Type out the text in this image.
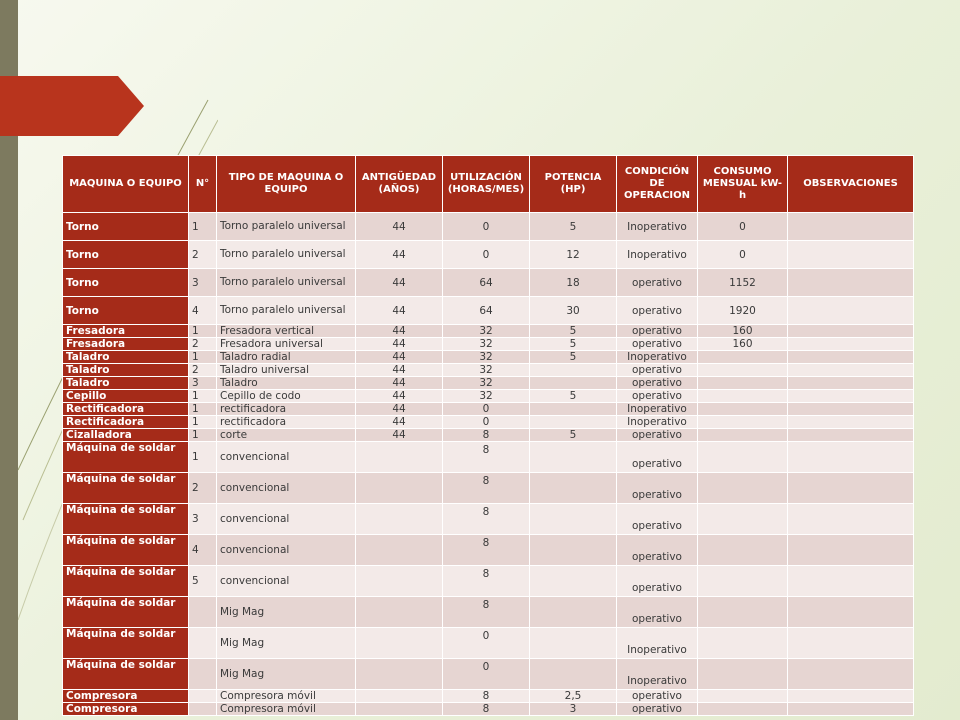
MAQUINA O EQUIPO	N°	TIPO DE MAQUINA O EQUIPO	ANTIGÜEDAD (AÑOS)	UTILIZACIÓN (HORAS/MES)	POTENCIA (HP)	CONDICIÓN DE OPERACION	CONSUMO MENSUAL kW-h	OBSERVACIONES
Torno	1	Torno paralelo universal	44	0	5	Inoperativo	0	
Torno	2	Torno paralelo universal	44	0	12	Inoperativo	0	
Torno	3	Torno paralelo universal	44	64	18	operativo	1152	
Torno	4	Torno paralelo universal	44	64	30	operativo	1920	
Fresadora	1	Fresadora vertical	44	32	5	operativo	160	
Fresadora	2	Fresadora universal	44	32	5	operativo	160	
Taladro	1	Taladro radial	44	32	5	Inoperativo		
Taladro	2	Taladro universal	44	32		operativo		
Taladro	3	Taladro	44	32		operativo		
Cepillo	1	Cepillo de codo	44	32	5	operativo		
Rectificadora	1	rectificadora	44	0		Inoperativo		
Rectificadora	1	rectificadora	44	0		Inoperativo		
Cizalladora	1	corte	44	8	5	operativo		
Máquina de soldar	1	convencional		8		operativo		
Máquina de soldar	2	convencional		8		operativo		
Máquina de soldar	3	convencional		8		operativo		
Máquina de soldar	4	convencional		8		operativo		
Máquina de soldar	5	convencional		8		operativo		
Máquina de soldar		Mig Mag		8		operativo		
Máquina de soldar		Mig Mag		0		Inoperativo		
Máquina de soldar		Mig Mag		0		Inoperativo		
Compresora		Compresora móvil		8	2,5	operativo		
Compresora		Compresora móvil		8	3	operativo		
